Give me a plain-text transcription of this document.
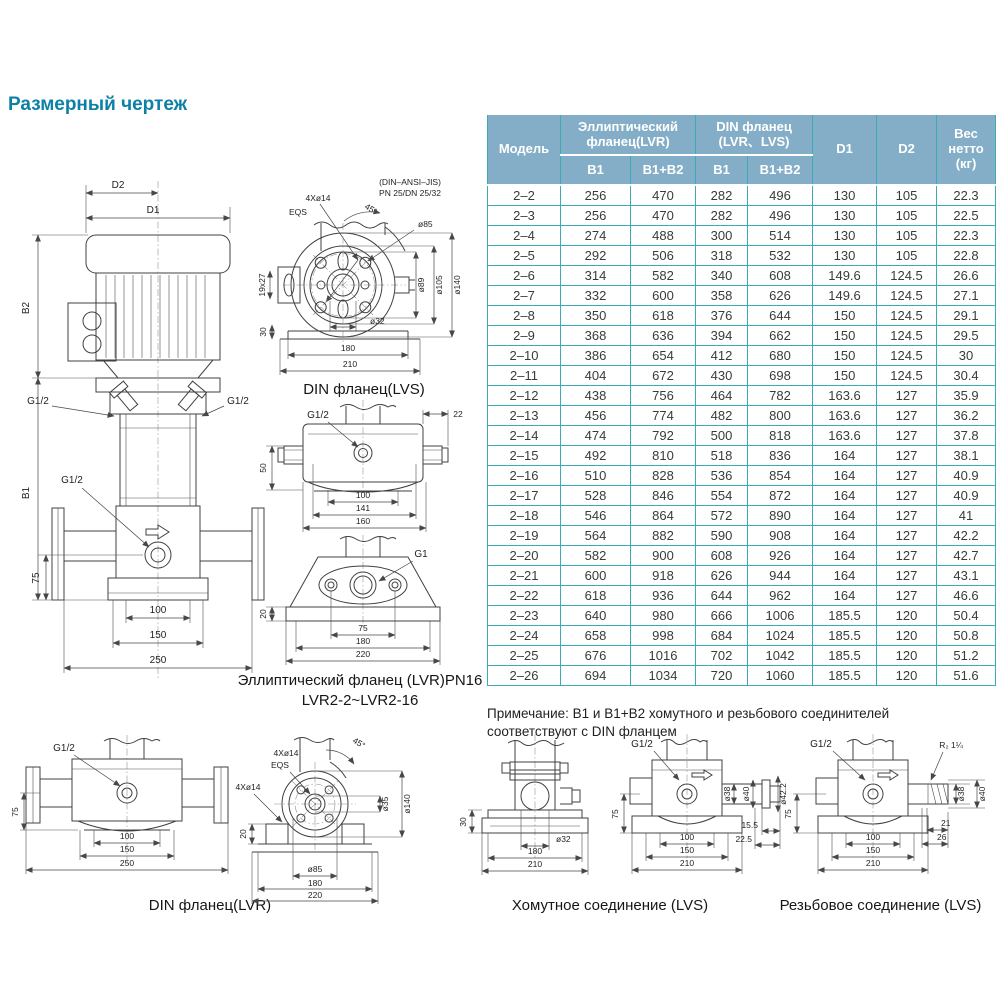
Размерный чертеж
Модель	Эллиптический фланец(LVR)		DIN фланец (LVR、LVS)		D1	D2	Вес нетто (кг)
	B1	B1+B2	B1	B1+B2			
2–2	256	470	282	496	130	105	22.3
2–3	256	470	282	496	130	105	22.5
2–4	274	488	300	514	130	105	22.3
2–5	292	506	318	532	130	105	22.8
2–6	314	582	340	608	149.6	124.5	26.6
2–7	332	600	358	626	149.6	124.5	27.1
2–8	350	618	376	644	150	124.5	29.1
2–9	368	636	394	662	150	124.5	29.5
2–10	386	654	412	680	150	124.5	30
2–11	404	672	430	698	150	124.5	30.4
2–12	438	756	464	782	163.6	127	35.9
2–13	456	774	482	800	163.6	127	36.2
2–14	474	792	500	818	163.6	127	37.8
2–15	492	810	518	836	164	127	38.1
2–16	510	828	536	854	164	127	40.9
2–17	528	846	554	872	164	127	40.9
2–18	546	864	572	890	164	127	41
2–19	564	882	590	908	164	127	42.2
2–20	582	900	608	926	164	127	42.7
2–21	600	918	626	944	164	127	43.1
2–22	618	936	644	962	164	127	46.6
2–23	640	980	666	1006	185.5	120	50.4
2–24	658	998	684	1024	185.5	120	50.8
2–25	676	1016	702	1042	185.5	120	51.2
2–26	694	1034	720	1060	185.5	120	51.6

Примечание: В1 и В1+В2 хомутного и резьбового соединителей соответствуют с DIN фланцем

D2
D1
G1/2	G1/2
G1/2
B2
B1
75
100
150
250
(DIN–ANSI–JIS)
PN 25/DN 25/32
4Xø14
EQS	45°
19x27
30
ø85
ø89 ø105 ø140
ø32
180
210
DIN фланец(LVS)
G1/2	22
50
100
141
160
G1
20
75
180
220
Эллиптический фланец (LVR)PN16
LVR2-2~LVR2-16
G1/2
75
100
150
250
DIN фланец(LVR)
45°
4Xø14
EQS
4Xø14
ø35 ø140
20
ø85
180
220
30
ø32
180
210
G1/2
ø38 ø40	ø42.2
15.5
22.5
75
100
150
210
Хомутное соединение (LVS)
G1/2	R₂ 1¼
ø38 ø40
21
26
75
100
150
210
Резьбовое соединение (LVS)
